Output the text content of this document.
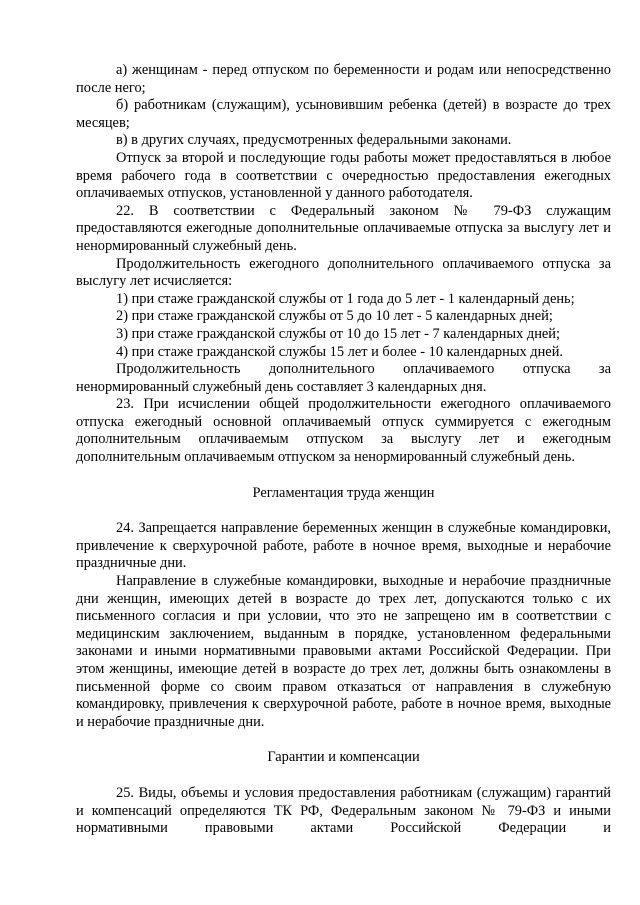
а) женщинам - перед отпуском по беременности и родам или непосредственно после него;

б) работникам (служащим), усыновившим ребенка (детей) в возрасте до трех месяцев;

в) в других случаях, предусмотренных федеральными законами.

Отпуск за второй и последующие годы работы может предоставляться в любое время рабочего года в соответствии с очередностью предоставления ежегодных оплачиваемых отпусков, установленной у данного работодателя.

22. В соответствии с Федеральный законом № 79-ФЗ служащим предоставляются ежегодные дополнительные оплачиваемые отпуска за выслугу лет и ненормированный служебный день.

Продолжительность ежегодного дополнительного оплачиваемого отпуска за выслугу лет исчисляется:

1) при стаже гражданской службы от 1 года до 5 лет - 1 календарный день;

2) при стаже гражданской службы от 5 до 10 лет - 5 календарных дней;

3) при стаже гражданской службы от 10 до 15 лет - 7 календарных дней;

4) при стаже гражданской службы 15 лет и более - 10 календарных дней.

Продолжительность дополнительного оплачиваемого отпуска за ненормированный служебный день составляет 3 календарных дня.

23. При исчислении общей продолжительности ежегодного оплачиваемого отпуска ежегодный основной оплачиваемый отпуск суммируется с ежегодным дополнительным оплачиваемым отпуском за выслугу лет и ежегодным дополнительным оплачиваемым отпуском за ненормированный служебный день.

Регламентация труда женщин

24. Запрещается направление беременных женщин в служебные командировки, привлечение к сверхурочной работе, работе в ночное время, выходные и нерабочие праздничные дни.

Направление в служебные командировки, выходные и нерабочие праздничные дни женщин, имеющих детей в возрасте до трех лет, допускаются только с их письменного согласия и при условии, что это не запрещено им в соответствии с медицинским заключением, выданным в порядке, установленном федеральными законами и иными нормативными правовыми актами Российской Федерации. При этом женщины, имеющие детей в возрасте до трех лет, должны быть ознакомлены в письменной форме со своим правом отказаться от направления в служебную командировку, привлечения к сверхурочной работе, работе в ночное время, выходные и нерабочие праздничные дни.

Гарантии и компенсации

25. Виды, объемы и условия предоставления работникам (служащим) гарантий и компенсаций определяются ТК РФ, Федеральным законом № 79-ФЗ и иными нормативными правовыми актами Российской Федерации и
